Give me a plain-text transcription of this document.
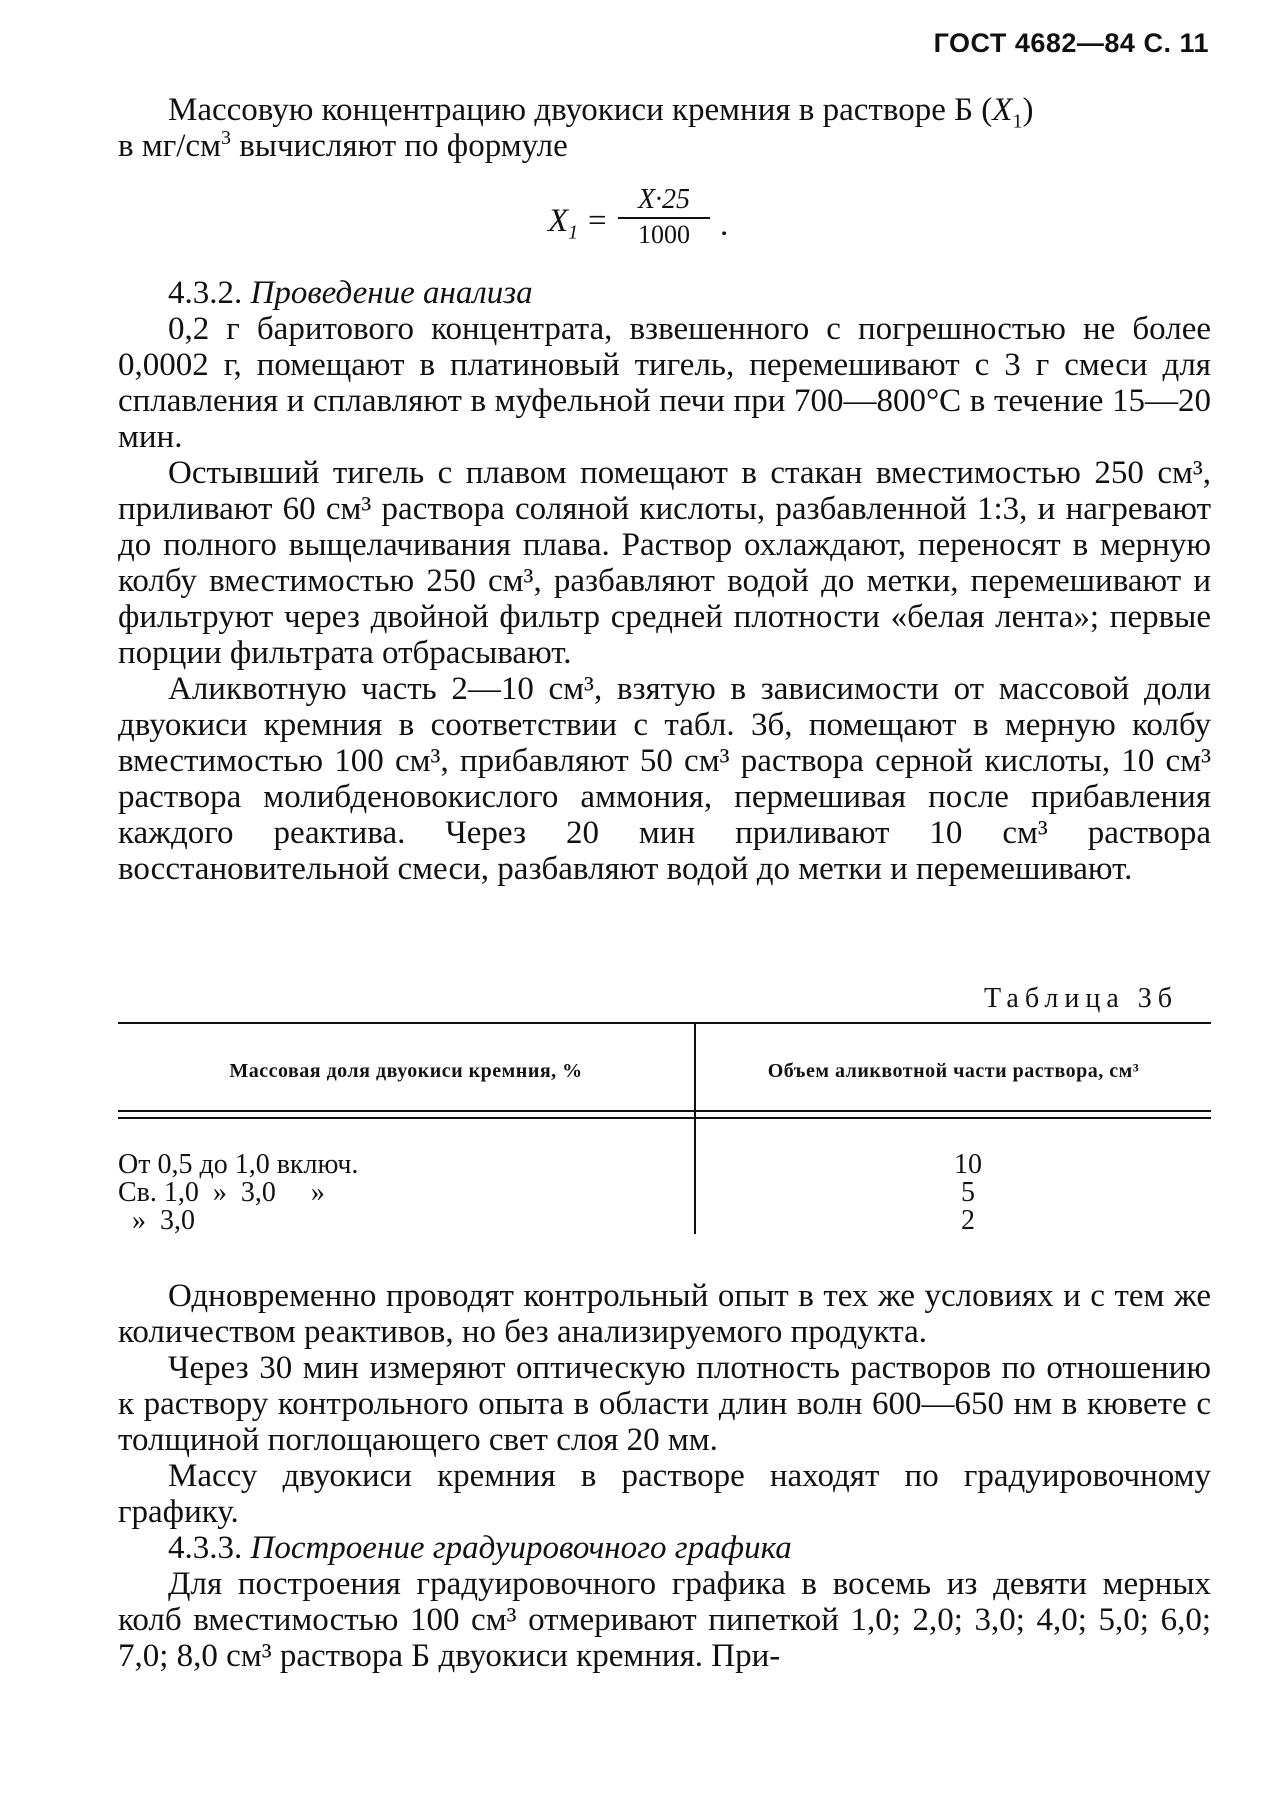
ГОСТ 4682—84 С. 11

Массовую концентрацию двуокиси кремния в растворе Б $(X_1)$
в $мг/см^3$ вычисляют по формуле

$X_1$ =
X·25
1000 .

4.3.2. Проведение анализа

0,2 г баритового концентрата, взвешенного с погрешностью не более 0,0002 г, помещают в платиновый тигель, перемешивают с 3 г смеси для сплавления и сплавляют в муфельной печи при 700—800°С в течение 15—20 мин.

Остывший тигель с плавом помещают в стакан вместимостью 250 см³, приливают 60 см³ раствора соляной кислоты, разбавленной 1:3, и нагревают до полного выщелачивания плава. Раствор охлаждают, переносят в мерную колбу вместимостью 250 см³, разбавляют водой до метки, перемешивают и фильтруют через двойной фильтр средней плотности «белая лента»; первые порции фильтрата отбрасывают.

Аликвотную часть 2—10 см³, взятую в зависимости от массовой доли двуокиси кремния в соответствии с табл. 3б, помещают в мерную колбу вместимостью 100 см³, прибавляют 50 см³ раствора серной кислоты, 10 см³ раствора молибденовокислого аммония, пермешивая после прибавления каждого реактива. Через 20 мин приливают 10 см³ раствора восстановительной смеси, разбавляют водой до метки и перемешивают.

Таблица 3б
Массовая доля двуокиси кремния, %	Объем аликвотной части раствора, см³
От 0,5 до 1,0 включ.	10
Св. 1,0  »  3,0     »	5
»  3,0	2

Одновременно проводят контрольный опыт в тех же условиях и с тем же количеством реактивов, но без анализируемого продукта.

Через 30 мин измеряют оптическую плотность растворов по отношению к раствору контрольного опыта в области длин волн 600—650 нм в кювете с толщиной поглощающего свет слоя 20 мм.

Массу двуокиси кремния в растворе находят по градуировочному графику.

4.3.3. Построение градуировочного графика

Для построения градуировочного графика в восемь из девяти мерных колб вместимостью 100 см³ отмеривают пипеткой 1,0; 2,0; 3,0; 4,0; 5,0; 6,0; 7,0; 8,0 см³ раствора Б двуокиси кремния. При-
